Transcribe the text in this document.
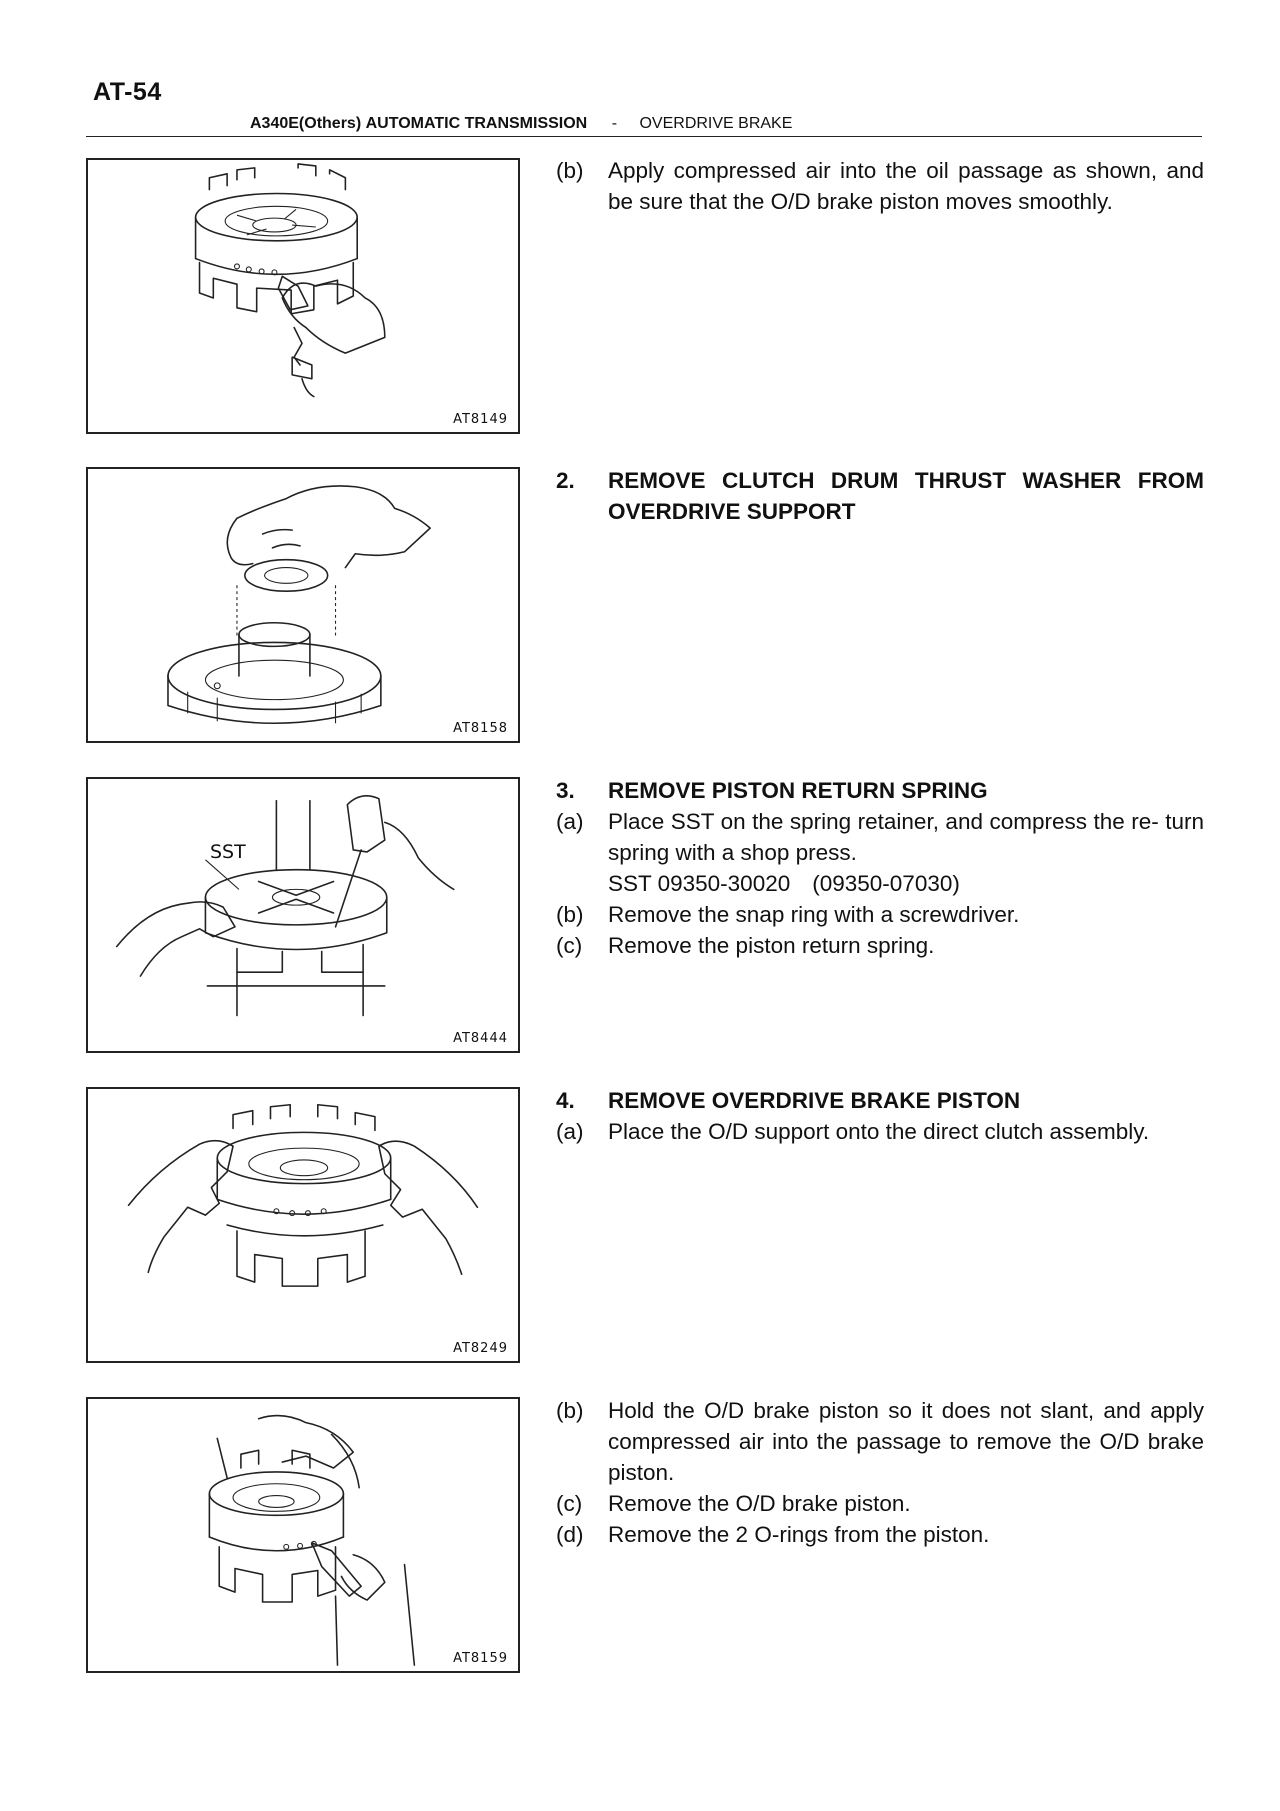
AT-54
A340E(Others) AUTOMATIC TRANSMISSION - OVERDRIVE BRAKE
AT8149
AT8158
SST
AT8444
AT8249
AT8159
(b)	Apply compressed air into the oil passage as shown, and be sure that the O/D brake piston moves smoothly.
2.	REMOVE CLUTCH DRUM THRUST WASHER FROM OVERDRIVE SUPPORT
3.	REMOVE PISTON RETURN SPRING
(a)	Place SST on the spring retainer, and compress the re- turn spring with a shop press.
SST 09350-30020 (09350-07030)
(b)	Remove the snap ring with a screwdriver.
(c)	Remove the piston return spring.
4.	REMOVE OVERDRIVE BRAKE PISTON
(a)	Place the O/D support onto the direct clutch assembly.
(b)	Hold the O/D brake piston so it does not slant, and apply compressed air into the passage to remove the O/D brake piston.
(c)	Remove the O/D brake piston.
(d)	Remove the 2 O-rings from the piston.
